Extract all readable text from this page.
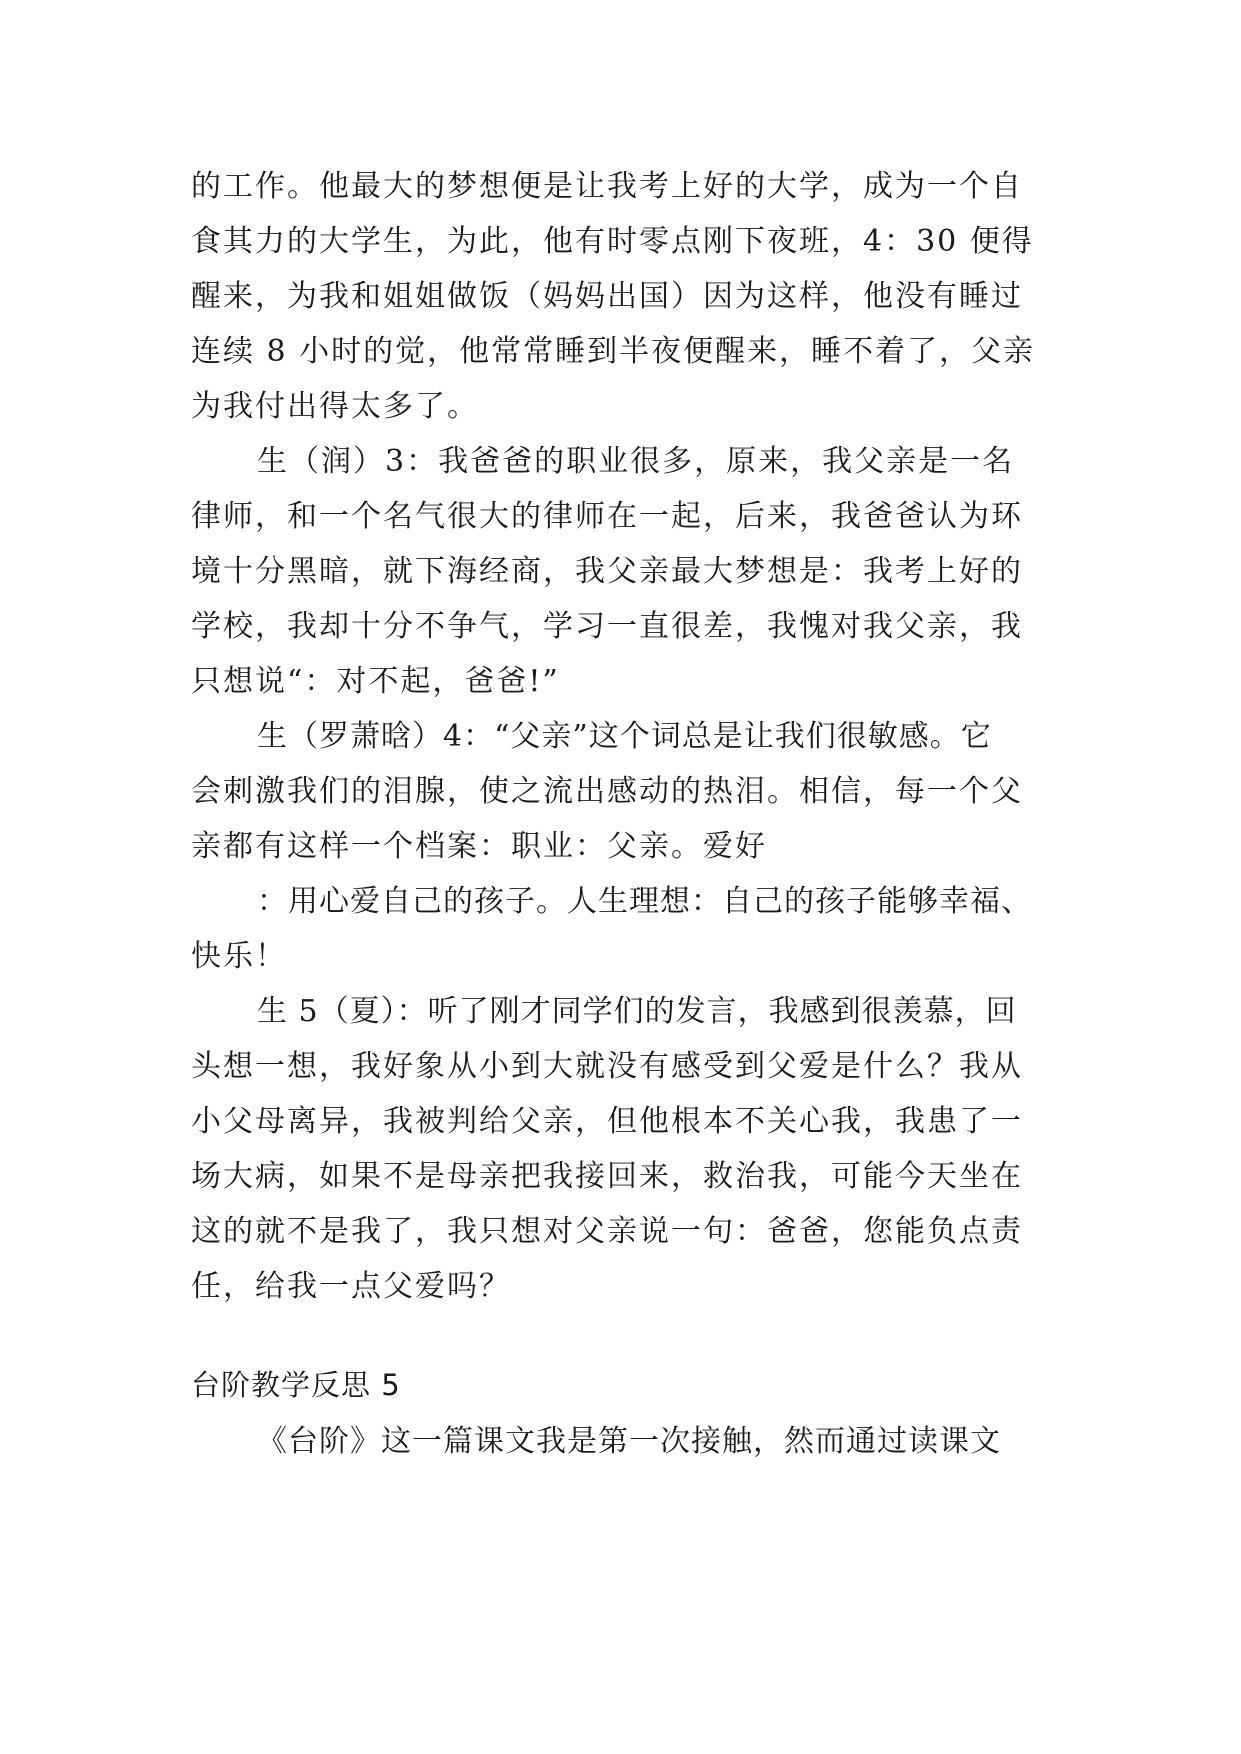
的工作。他最大的梦想便是让我考上好的大学，成为一个自
食其力的大学生，为此，他有时零点刚下夜班，4：30 便得
醒来，为我和姐姐做饭（妈妈出国）因为这样，他没有睡过
连续 8 小时的觉，他常常睡到半夜便醒来，睡不着了，父亲
为我付出得太多了。
生（润）3：我爸爸的职业很多，原来，我父亲是一名
律师，和一个名气很大的律师在一起，后来，我爸爸认为环
境十分黑暗，就下海经商，我父亲最大梦想是：我考上好的
学校，我却十分不争气，学习一直很差，我愧对我父亲，我
只想说“：对不起，爸爸!”
生（罗萧晗）4：“父亲”这个词总是让我们很敏感。它
会刺激我们的泪腺，使之流出感动的热泪。相信，每一个父
亲都有这样一个档案：职业：父亲。爱好
：用心爱自己的孩子。人生理想：自己的孩子能够幸福、
快乐！
生 5（夏）：听了刚才同学们的发言，我感到很羡慕，回
头想一想，我好象从小到大就没有感受到父爱是什么？我从
小父母离异，我被判给父亲，但他根本不关心我，我患了一
场大病，如果不是母亲把我接回来，救治我，可能今天坐在
这的就不是我了，我只想对父亲说一句：爸爸，您能负点责
任，给我一点父爱吗？
台阶教学反思 5
《台阶》这一篇课文我是第一次接触，然而通过读课文
